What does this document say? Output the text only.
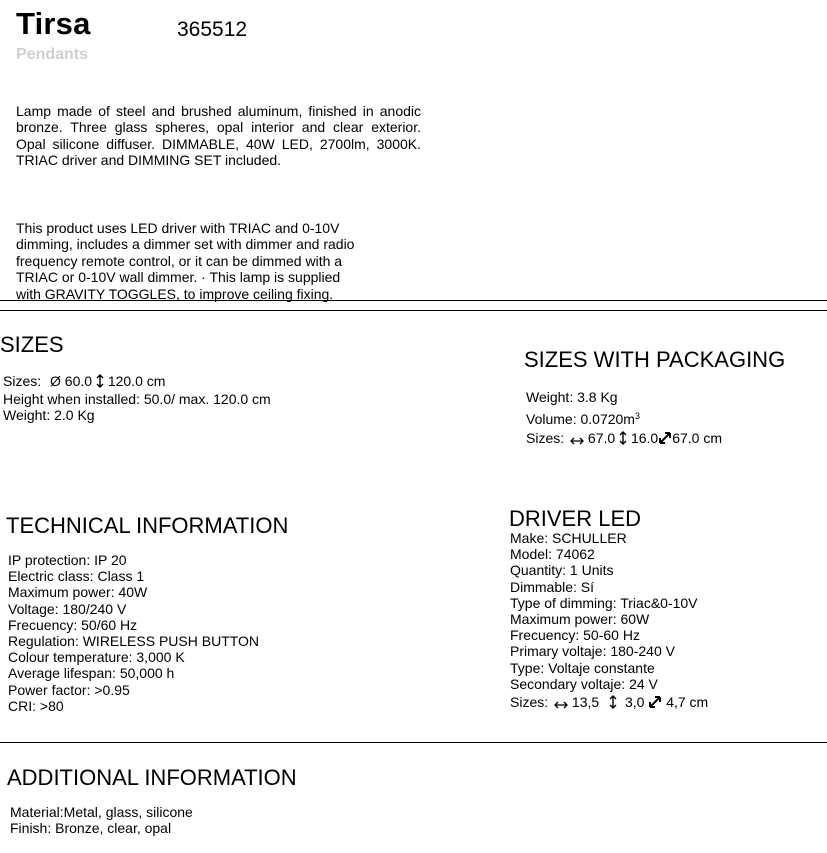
Tirsa	365512
Pendants
Lamp made of steel and brushed aluminum, finished in anodic bronze. Three glass spheres, opal interior and clear exterior. Opal silicone diffuser. DIMMABLE, 40W LED, 2700lm, 3000K. TRIAC driver and DIMMING SET included.
This product uses LED driver with TRIAC and 0-10V
dimming, includes a dimmer set with dimmer and radio
frequency remote control, or it can be dimmed with a
TRIAC or 0-10V wall dimmer. · This lamp is supplied
with GRAVITY TOGGLES, to improve ceiling fixing.
SIZES
Sizes: Ø 60.0 120.0 cm
Height when installed: 50.0/ max. 120.0 cm
Weight: 2.0 Kg
SIZES WITH PACKAGING
Weight: 3.8 Kg
Volume: $0.0720m^3$
Sizes: 67.0 16.0 67.0 cm
TECHNICAL INFORMATION
IP protection: IP 20
Electric class: Class 1
Maximum power: 40W
Voltage: 180/240 V
Frecuency: 50/60 Hz
Regulation: WIRELESS PUSH BUTTON
Colour temperature: 3,000 K
Average lifespan: 50,000 h
Power factor: >0.95
CRI: >80
DRIVER LED
Make: SCHULLER
Model: 74062
Quantity: 1 Units
Dimmable: Sí
Type of dimming: Triac&0-10V
Maximum power: 60W
Frecuency: 50-60 Hz
Primary voltaje: 180-240 V
Type: Voltaje constante
Secondary voltaje: 24 V
Sizes: 13,5 3,0 4,7 cm
ADDITIONAL INFORMATION
Material:Metal, glass, silicone
Finish: Bronze, clear, opal
